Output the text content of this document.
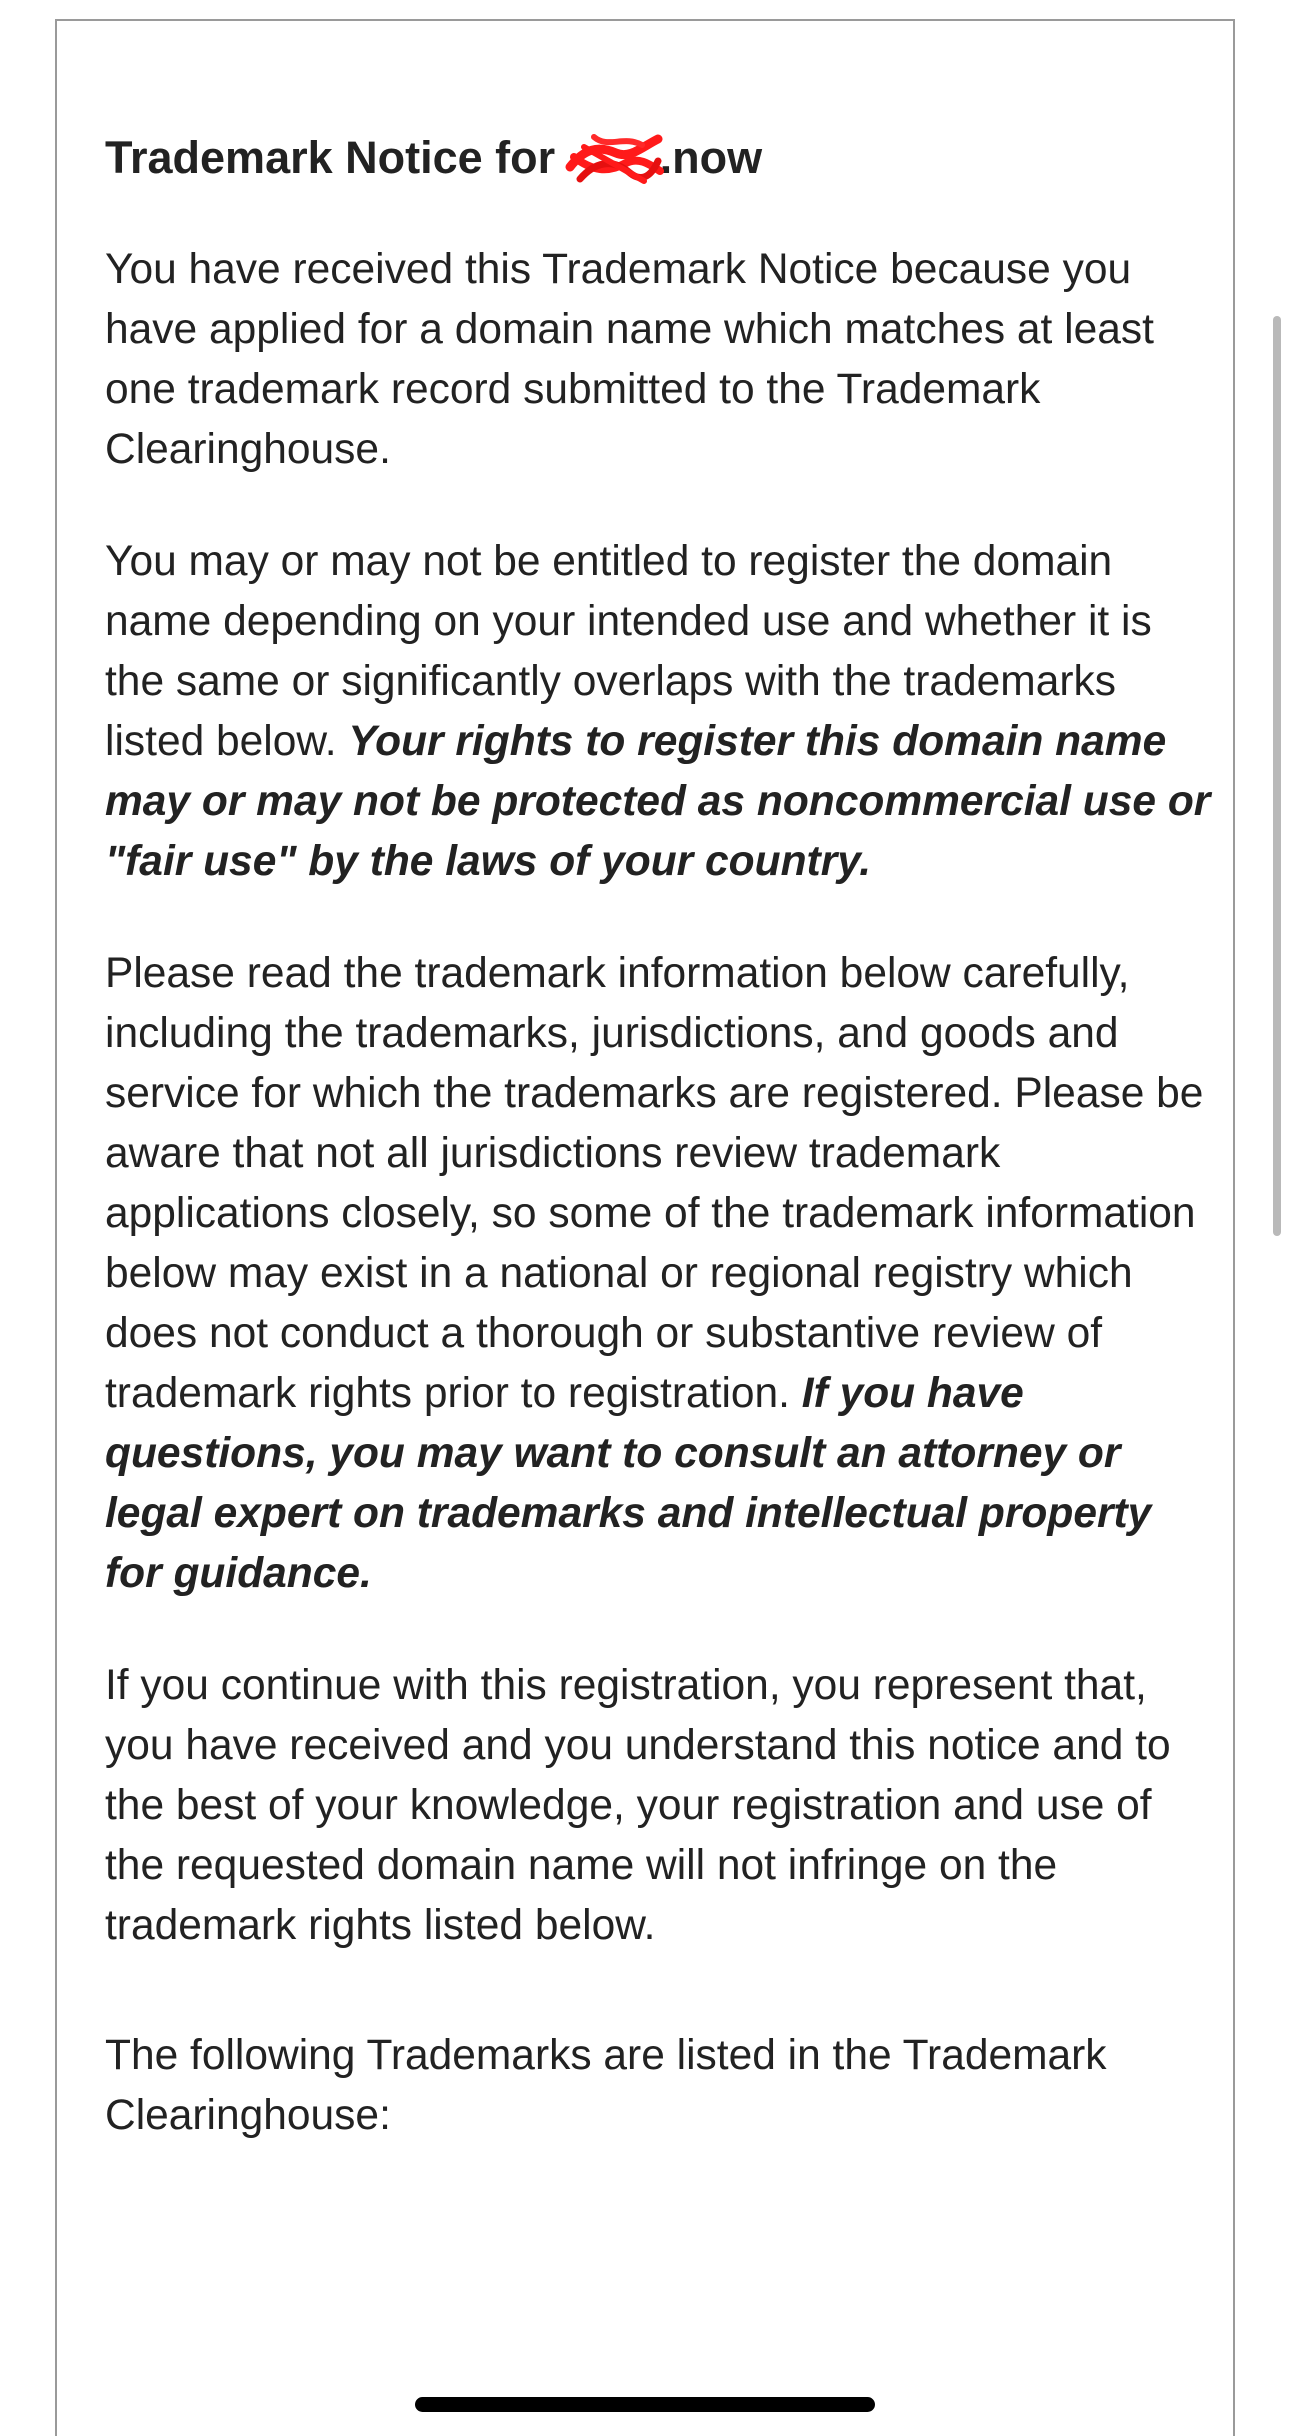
Trademark Notice for
.now

You have received this Trademark Notice because you have applied for a domain name which matches at least one trademark record submitted to the Trademark Clearinghouse.

You may or may not be entitled to register the domain name depending on your intended use and whether it is the same or significantly overlaps with the trademarks listed below. Your rights to register this domain name may or may not be protected as noncommercial use or "fair use" by the laws of your country.

Please read the trademark information below carefully, including the trademarks, jurisdictions, and goods and service for which the trademarks are registered. Please be aware that not all jurisdictions review trademark applications closely, so some of the trademark information below may exist in a national or regional registry which does not conduct a thorough or substantive review of trademark rights prior to registration. If you have questions, you may want to consult an attorney or legal expert on trademarks and intellectual property for guidance.

If you continue with this registration, you represent that, you have received and you understand this notice and to the best of your knowledge, your registration and use of the requested domain name will not infringe on the trademark rights listed below.

The following Trademarks are listed in the Trademark Clearinghouse:
